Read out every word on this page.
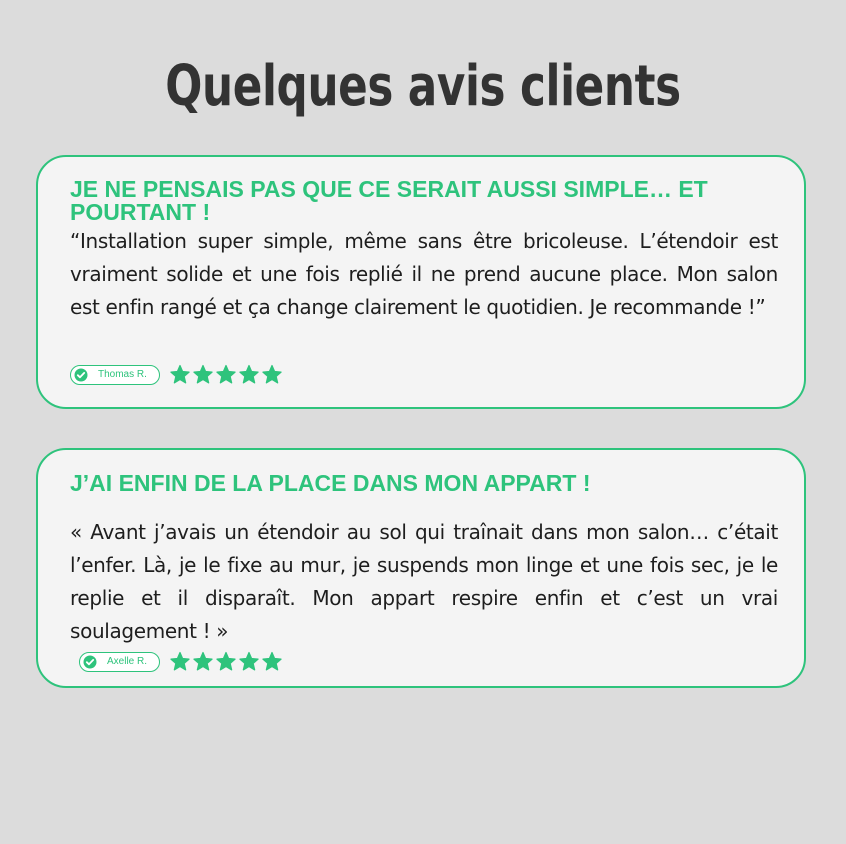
Quelques avis clients
JE NE PENSAIS PAS QUE CE SERAIT AUSSI SIMPLE… ET POURTANT !

“Installation super simple, même sans être bricoleuse. L’étendoir est vraiment solide et une fois replié il ne prend aucune place. Mon salon est enfin rangé et ça change clairement le quotidien. Je recommande !”

Thomas R.
J’AI ENFIN DE LA PLACE DANS MON APPART !

« Avant j’avais un étendoir au sol qui traînait dans mon salon… c’était l’enfer. Là, je le fixe au mur, je suspends mon linge et une fois sec, je le replie et il disparaît. Mon appart respire enfin et c’est un vrai soulagement ! »

Axelle R.
